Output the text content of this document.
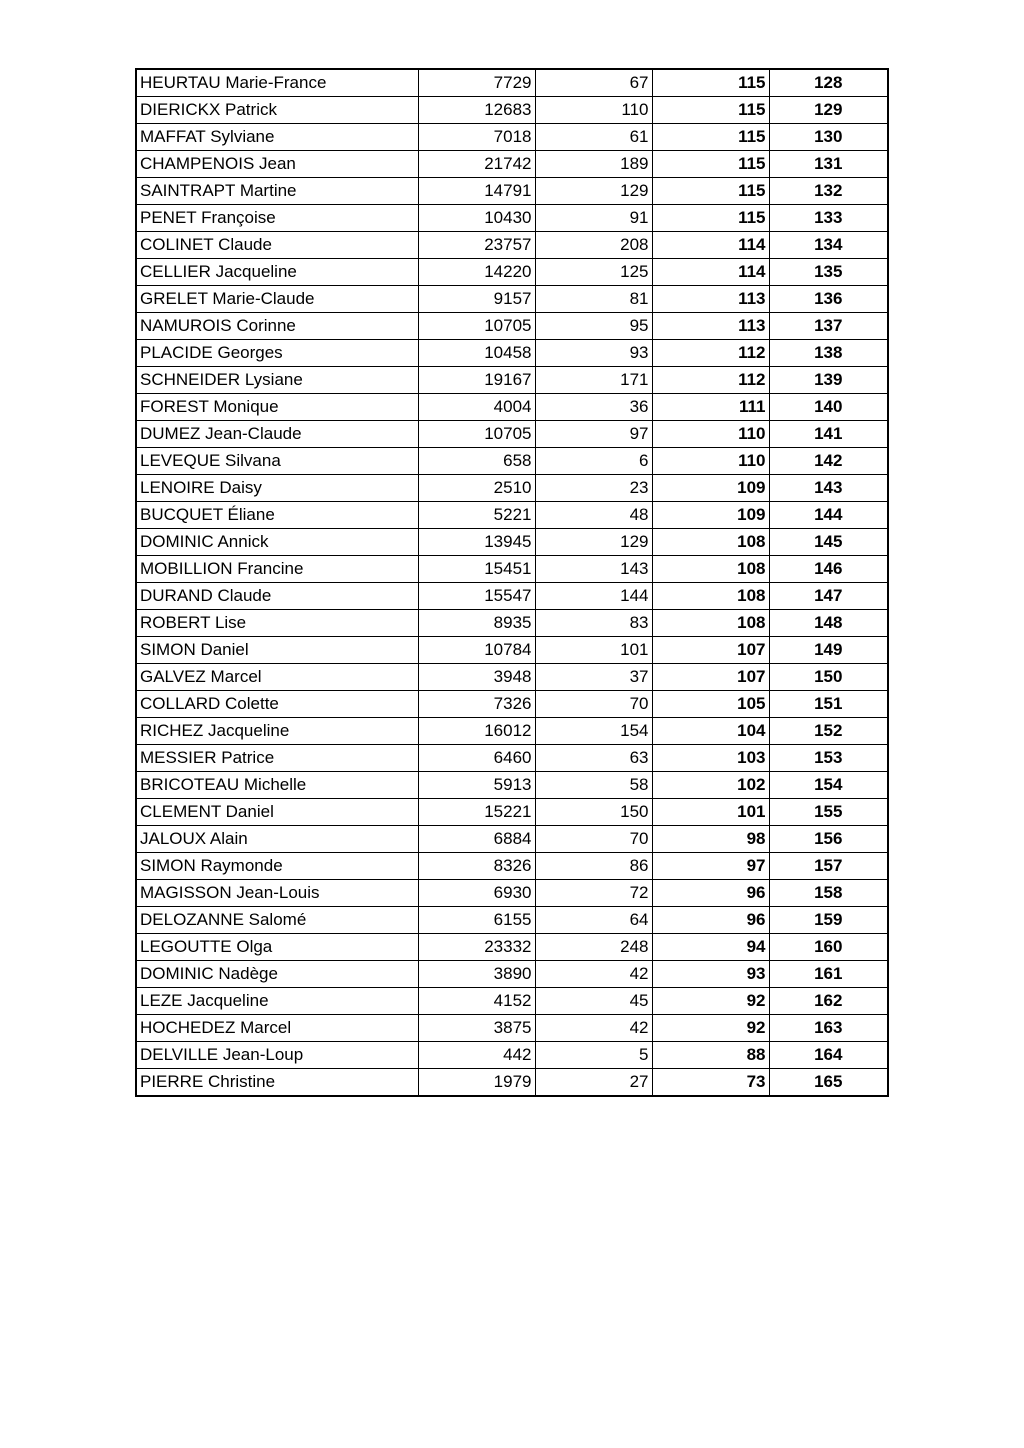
HEURTAU Marie-France	7729	67	115	128
DIERICKX Patrick	12683	110	115	129
MAFFAT Sylviane	7018	61	115	130
CHAMPENOIS Jean	21742	189	115	131
SAINTRAPT Martine	14791	129	115	132
PENET Françoise	10430	91	115	133
COLINET Claude	23757	208	114	134
CELLIER Jacqueline	14220	125	114	135
GRELET Marie-Claude	9157	81	113	136
NAMUROIS Corinne	10705	95	113	137
PLACIDE Georges	10458	93	112	138
SCHNEIDER Lysiane	19167	171	112	139
FOREST Monique	4004	36	111	140
DUMEZ Jean-Claude	10705	97	110	141
LEVEQUE Silvana	658	6	110	142
LENOIRE Daisy	2510	23	109	143
BUCQUET Éliane	5221	48	109	144
DOMINIC Annick	13945	129	108	145
MOBILLION Francine	15451	143	108	146
DURAND Claude	15547	144	108	147
ROBERT Lise	8935	83	108	148
SIMON Daniel	10784	101	107	149
GALVEZ Marcel	3948	37	107	150
COLLARD Colette	7326	70	105	151
RICHEZ Jacqueline	16012	154	104	152
MESSIER Patrice	6460	63	103	153
BRICOTEAU Michelle	5913	58	102	154
CLEMENT Daniel	15221	150	101	155
JALOUX Alain	6884	70	98	156
SIMON Raymonde	8326	86	97	157
MAGISSON Jean-Louis	6930	72	96	158
DELOZANNE Salomé	6155	64	96	159
LEGOUTTE Olga	23332	248	94	160
DOMINIC Nadège	3890	42	93	161
LEZE Jacqueline	4152	45	92	162
HOCHEDEZ Marcel	3875	42	92	163
DELVILLE Jean-Loup	442	5	88	164
PIERRE Christine	1979	27	73	165
